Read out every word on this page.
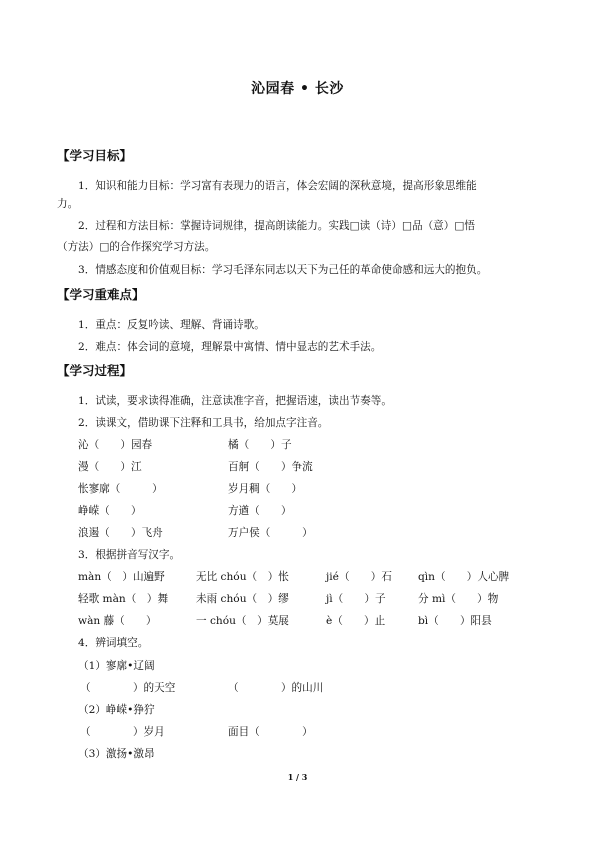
沁园春 • 长沙
【学习目标】
1．知识和能力目标：学习富有表现力的语言，体会宏阔的深秋意境，提高形象思维能
力。
2．过程和方法目标：掌握诗词规律，提高朗读能力。实践□读（诗）□品（意）□悟
（方法）□的合作探究学习方法。
3．情感态度和价值观目标：学习毛泽东同志以天下为己任的革命使命感和远大的抱负。
【学习重难点】
1．重点：反复吟读、理解、背诵诗歌。
2．难点：体会词的意境，理解景中寓情、情中显志的艺术手法。
【学习过程】
1．试读，要求读得准确，注意读准字音，把握语速，读出节奏等。
2．读课文，借助课下注释和工具书，给加点字注音。
沁（　　）园春	橘（　　）子
漫（　　）江	百舸（　　）争流
怅寥廓（　　　）	岁月稠（　　）
峥嵘（　　）	方遒（　　）
浪遏（　　）飞舟	万户侯（　　　）
3．根据拼音写汉字。
màn（　）山遍野	无比 chóu（　）怅	jié（　　）石 qìn（　　）人心脾
轻歌 màn（　）舞	未雨 chóu（　）缪	jì（　　）子	分 mì（　　）物
wàn 藤（　　）	一 chóu（　）莫展	è（　　）止	bì（　　）阳县
4．辨词填空。
（1）寥廓•辽阔
（　　　　）的天空	（　　　　）的山川
（2）峥嵘•狰狞
（　　　　）岁月	面目（　　　　）
（3）激扬•激昂
1 / 3
